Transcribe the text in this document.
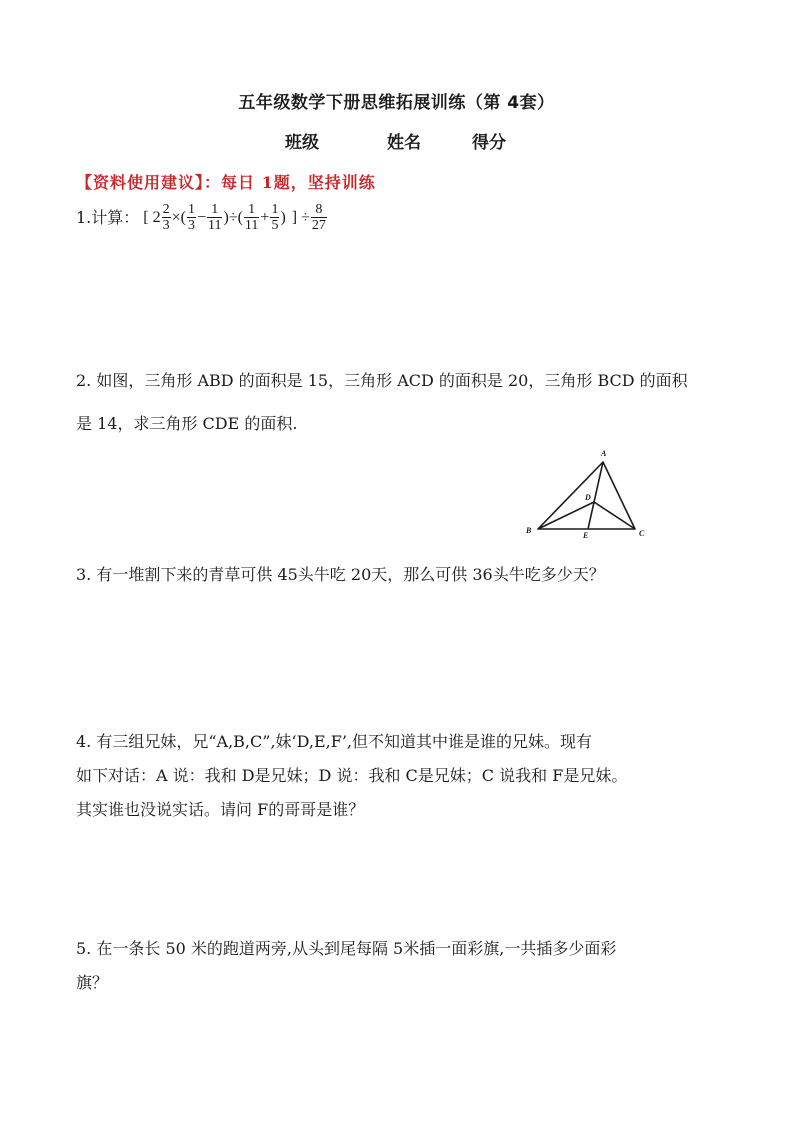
五年级数学下册思维拓展训练（第 4套）
班级	姓名	得分
【资料使用建议】：每日 1题，坚持训练
1. 计算： [ $2 \frac{2}{3}$ ×( $\frac{1}{3} - \frac{1}{11}$ )÷( $\frac{1}{11} + \frac{1}{5}$ ) ] ÷ $\frac{8}{27}$
2. 如图，三角形 ABD 的面积是 15，三角形 ACD 的面积是 20，三角形 BCD 的面积
是 14，求三角形 CDE 的面积.
A
D
B
E	C
3. 有一堆割下来的青草可供 45头牛吃 20天，那么可供 36头牛吃多少天？
4. 有三组兄妹，兄“A,B,C”,妹‘D,E,F’,但不知道其中谁是谁的兄妹。现有
如下对话：A 说：我和 D是兄妹；D 说：我和 C是兄妹；C 说我和 F是兄妹。
其实谁也没说实话。请问 F的哥哥是谁？
5. 在一条长 50 米的跑道两旁,从头到尾每隔 5米插一面彩旗,一共插多少面彩
旗？
